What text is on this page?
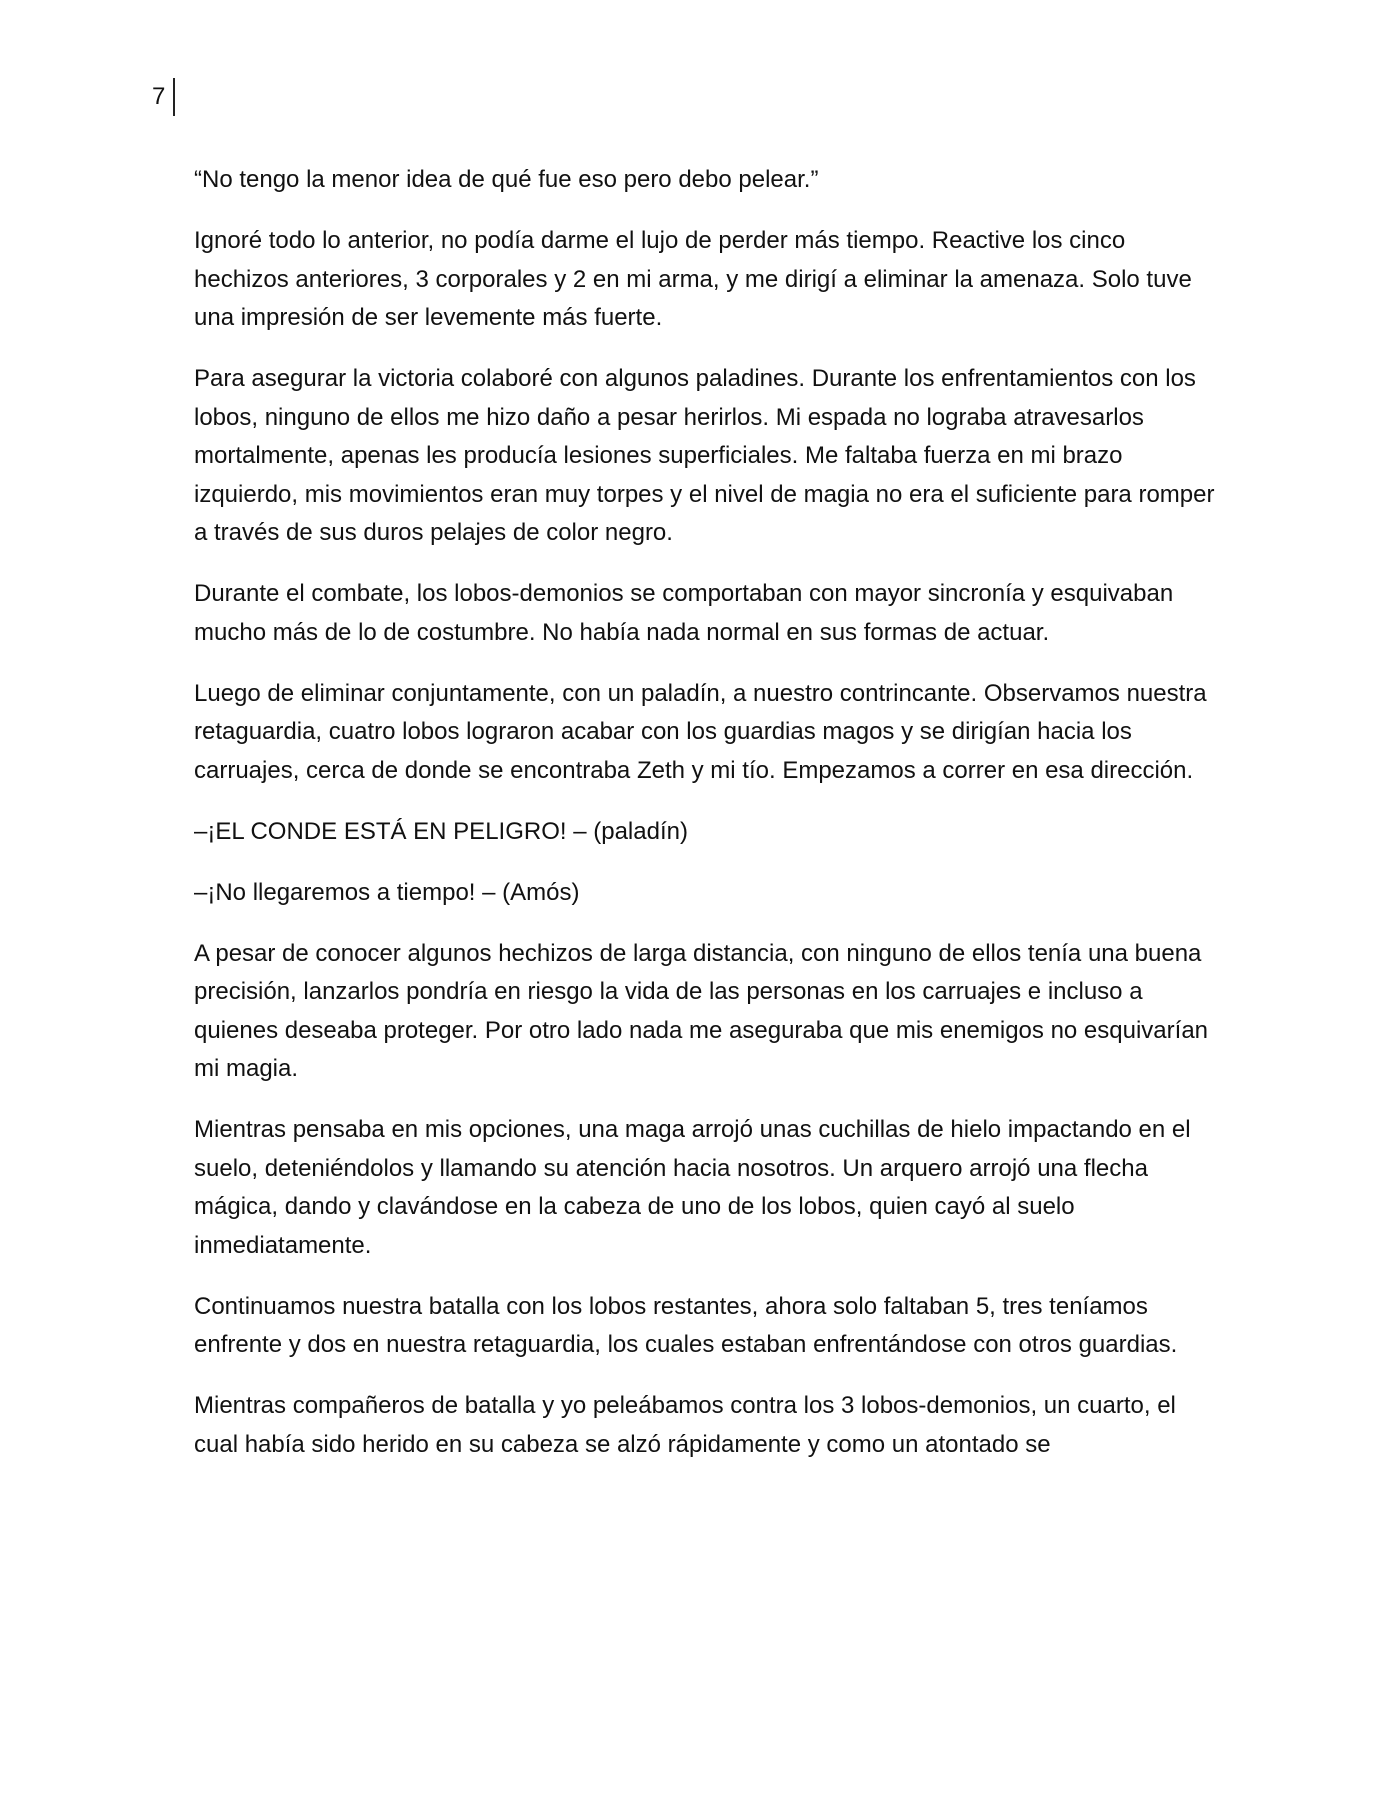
7

“No tengo la menor idea de qué fue eso pero debo pelear.”

Ignoré todo lo anterior, no podía darme el lujo de perder más tiempo. Reactive los cinco hechizos anteriores, 3 corporales y 2 en mi arma, y me dirigí a eliminar la amenaza. Solo tuve una impresión de ser levemente más fuerte.

Para asegurar la victoria colaboré con algunos paladines. Durante los enfrentamientos con los lobos, ninguno de ellos me hizo daño a pesar herirlos. Mi espada no lograba atravesarlos mortalmente, apenas les producía lesiones superficiales. Me faltaba fuerza en mi brazo izquierdo, mis movimientos eran muy torpes y el nivel de magia no era el suficiente para romper a través de sus duros pelajes de color negro.

Durante el combate, los lobos-demonios se comportaban con mayor sincronía y esquivaban mucho más de lo de costumbre. No había nada normal en sus formas de actuar.

Luego de eliminar conjuntamente, con un paladín, a nuestro contrincante. Observamos nuestra retaguardia, cuatro lobos lograron acabar con los guardias magos y se dirigían hacia los carruajes, cerca de donde se encontraba Zeth y mi tío. Empezamos a correr en esa dirección.

–¡EL CONDE ESTÁ EN PELIGRO! – (paladín)

–¡No llegaremos a tiempo! – (Amós)

A pesar de conocer algunos hechizos de larga distancia, con ninguno de ellos tenía una buena precisión, lanzarlos pondría en riesgo la vida de las personas en los carruajes e incluso a quienes deseaba proteger. Por otro lado nada me aseguraba que mis enemigos no esquivarían mi magia.

Mientras pensaba en mis opciones, una maga arrojó unas cuchillas de hielo impactando en el suelo, deteniéndolos y llamando su atención hacia nosotros. Un arquero arrojó una flecha mágica, dando y clavándose en la cabeza de uno de los lobos, quien cayó al suelo inmediatamente.

Continuamos nuestra batalla con los lobos restantes, ahora solo faltaban 5, tres teníamos enfrente y dos en nuestra retaguardia, los cuales estaban enfrentándose con otros guardias.

Mientras compañeros de batalla y yo peleábamos contra los 3 lobos-demonios, un cuarto, el cual había sido herido en su cabeza se alzó rápidamente y como un atontado se
